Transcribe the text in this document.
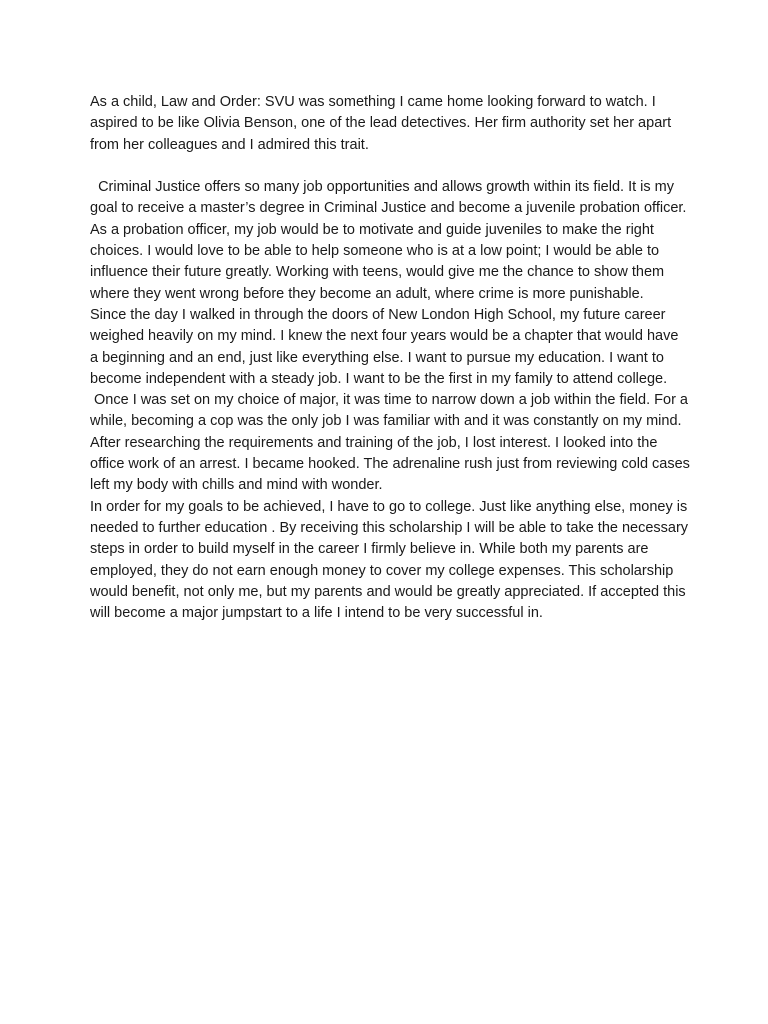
As a child, Law and Order: SVU was something I came home looking forward to watch. I aspired to be like Olivia Benson, one of the lead detectives. Her firm authority set her apart from her colleagues and I admired this trait.

Criminal Justice offers so many job opportunities and allows growth within its field. It is my goal to receive a master’s degree in Criminal Justice and become a juvenile probation officer. As a probation officer, my job would be to motivate and guide juveniles to make the right choices. I would love to be able to help someone who is at a low point; I would be able to influence their future greatly. Working with teens, would give me the chance to show them where they went wrong before they become an adult, where crime is more punishable.

Since the day I walked in through the doors of New London High School, my future career weighed heavily on my mind. I knew the next four years would be a chapter that would have a beginning and an end, just like everything else. I want to pursue my education. I want to become independent with a steady job. I want to be the first in my family to attend college.

Once I was set on my choice of major, it was time to narrow down a job within the field. For a while, becoming a cop was the only job I was familiar with and it was constantly on my mind. After researching the requirements and training of the job, I lost interest. I looked into the office work of an arrest. I became hooked. The adrenaline rush just from reviewing cold cases left my body with chills and mind with wonder.

In order for my goals to be achieved, I have to go to college. Just like anything else, money is needed to further education . By receiving this scholarship I will be able to take the necessary steps in order to build myself in the career I firmly believe in. While both my parents are employed, they do not earn enough money to cover my college expenses. This scholarship would benefit, not only me, but my parents and would be greatly appreciated. If accepted this will become a major jumpstart to a life I intend to be very successful in.
